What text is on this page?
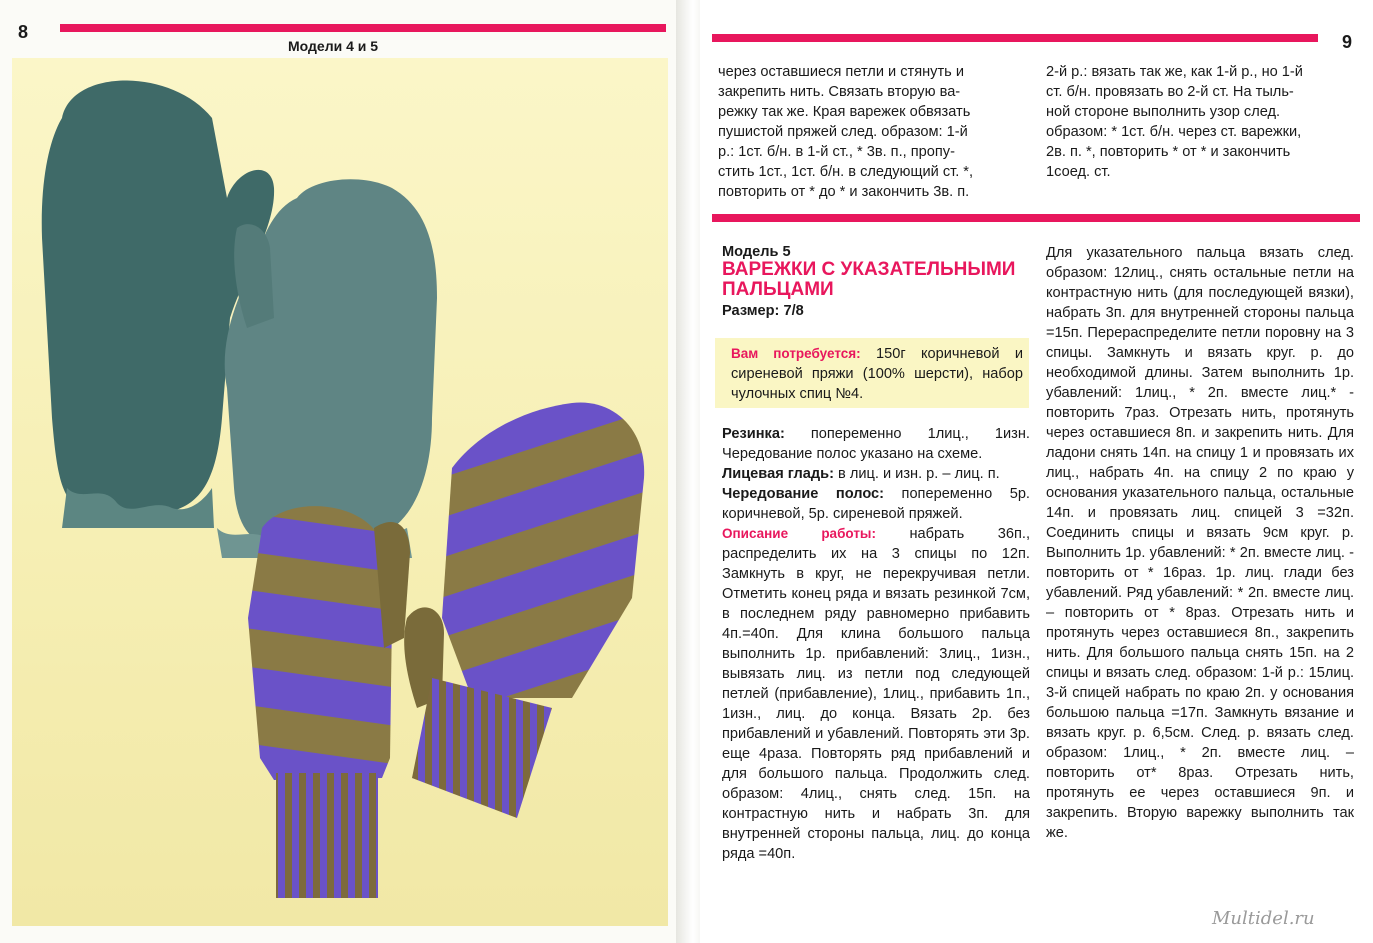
8
Модели 4 и 5	9

через оставшиеся петли и стянуть и

закрепить нить. Связать вторую ва-

режку так же. Края варежек обвязать

пушистой пряжей след. образом: 1-й

р.: 1ст. б/н. в 1-й ст., * 3в. п., пропу-

стить 1ст., 1ст. б/н. в следующий ст. *,

повторить от * до * и закончить 3в. п.

2-й р.: вязать так же, как 1-й р., но 1-й

ст. б/н. провязать во 2-й ст. На тыль-

ной стороне выполнить узор след.

образом: * 1ст. б/н. через ст. варежки,

2в. п. *, повторить * от * и закончить

1соед. ст.

Модель 5
ВАРЕЖКИ С УКАЗАТЕЛЬНЫМИ ПАЛЬЦАМИ
Размер: 7/8
Вам потребуется: 150г коричневой и сиреневой пряжи (100% шерсти), набор чулочных спиц №4.

Резинка: попеременно 1лиц., 1изн. Чередование полос указано на схеме.

Лицевая гладь: в лиц. и изн. р. – лиц. п.

Чередование полос: попеременно 5р. коричневой, 5р. сиреневой пряжей.

Описание работы: набрать 36п., распределить их на 3 спицы по 12п. Замкнуть в круг, не перекручивая петли. Отметить конец ряда и вязать резинкой 7см, в последнем ряду равномерно прибавить 4п.=40п. Для клина большого пальца выполнить 1р. прибавлений: 3лиц., 1изн., вывязать лиц. из петли под следующей петлей (прибавление), 1лиц., прибавить 1п., 1изн., лиц. до конца. Вязать 2р. без прибавлений и убавлений. Повторять эти 3р. еще 4раза. Повторять ряд прибавлений и для большого пальца. Продолжить след. образом: 4лиц., снять след. 15п. на контрастную нить и набрать 3п. для внутренней стороны пальца, лиц. до конца ряда =40п.

Для указательного пальца вязать след. образом: 12лиц., снять остальные петли на контрастную нить (для последующей вязки), набрать 3п. для внутренней стороны пальца =15п. Перераспределите петли поровну на 3 спицы. Замкнуть и вязать круг. р. до необходимой длины. Затем выполнить 1р. убавлений: 1лиц., * 2п. вместе лиц.* - повторить 7раз. Отрезать нить, протянуть через оставшиеся 8п. и закрепить нить. Для ладони снять 14п. на спицу 1 и провязать их лиц., набрать 4п. на спицу 2 по краю у основания указательного пальца, остальные 14п. и провязать лиц. спицей 3 =32п. Соединить спицы и вязать 9см круг. р. Выполнить 1р. убавлений: * 2п. вместе лиц. - повторить от * 16раз. 1р. лиц. глади без убавлений. Ряд убавлений: * 2п. вместе лиц. – повторить от * 8раз. Отрезать нить и протянуть через оставшиеся 8п., закрепить нить. Для большого пальца снять 15п. на 2 спицы и вязать след. образом: 1-й р.: 15лиц. 3-й спицей набрать по краю 2п. у основания большою пальца =17п. Замкнуть вязание и вязать круг. р. 6,5см. След. р. вязать след. образом: 1лиц., * 2п. вместе лиц. – повторить от* 8раз. Отрезать нить, протянуть ее через оставшиеся 9п. и закрепить. Вторую варежку выполнить так же.

Multidel.ru
